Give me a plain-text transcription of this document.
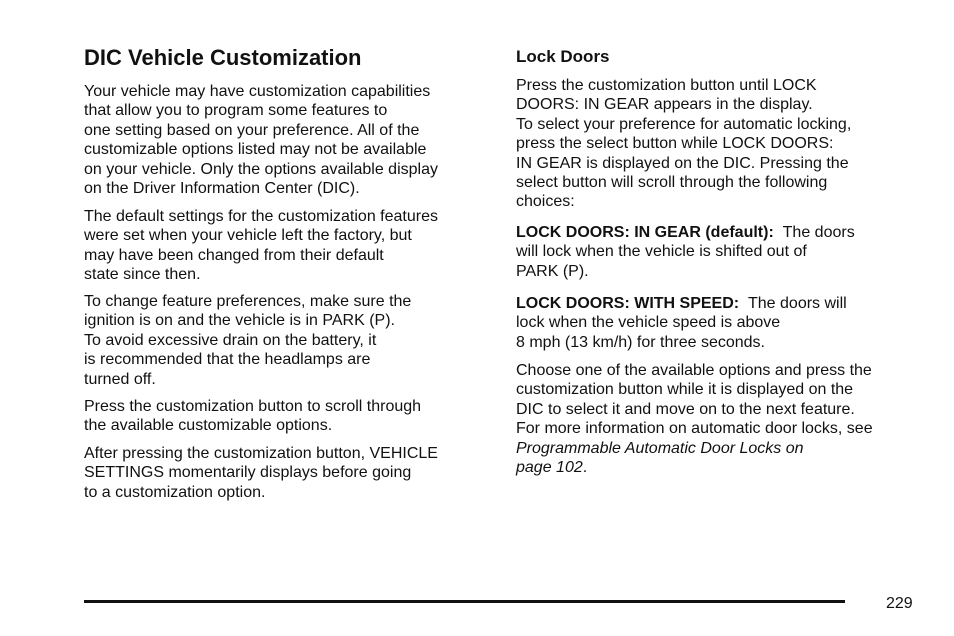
DIC Vehicle Customization

Your vehicle may have customization capabilities
that allow you to program some features to
one setting based on your preference. All of the
customizable options listed may not be available
on your vehicle. Only the options available display
on the Driver Information Center (DIC).

The default settings for the customization features
were set when your vehicle left the factory, but
may have been changed from their default
state since then.

To change feature preferences, make sure the
ignition is on and the vehicle is in PARK (P).
To avoid excessive drain on the battery, it
is recommended that the headlamps are
turned off.

Press the customization button to scroll through
the available customizable options.

After pressing the customization button, VEHICLE
SETTINGS momentarily displays before going
to a customization option.

Lock Doors

Press the customization button until LOCK
DOORS: IN GEAR appears in the display.
To select your preference for automatic locking,
press the select button while LOCK DOORS:
IN GEAR is displayed on the DIC. Pressing the
select button will scroll through the following
choices:

LOCK DOORS: IN GEAR (default): The doors
will lock when the vehicle is shifted out of
PARK (P).

LOCK DOORS: WITH SPEED: The doors will
lock when the vehicle speed is above
8 mph (13 km/h) for three seconds.

Choose one of the available options and press the
customization button while it is displayed on the
DIC to select it and move on to the next feature.
For more information on automatic door locks, see
Programmable Automatic Door Locks on
page 102.

229
